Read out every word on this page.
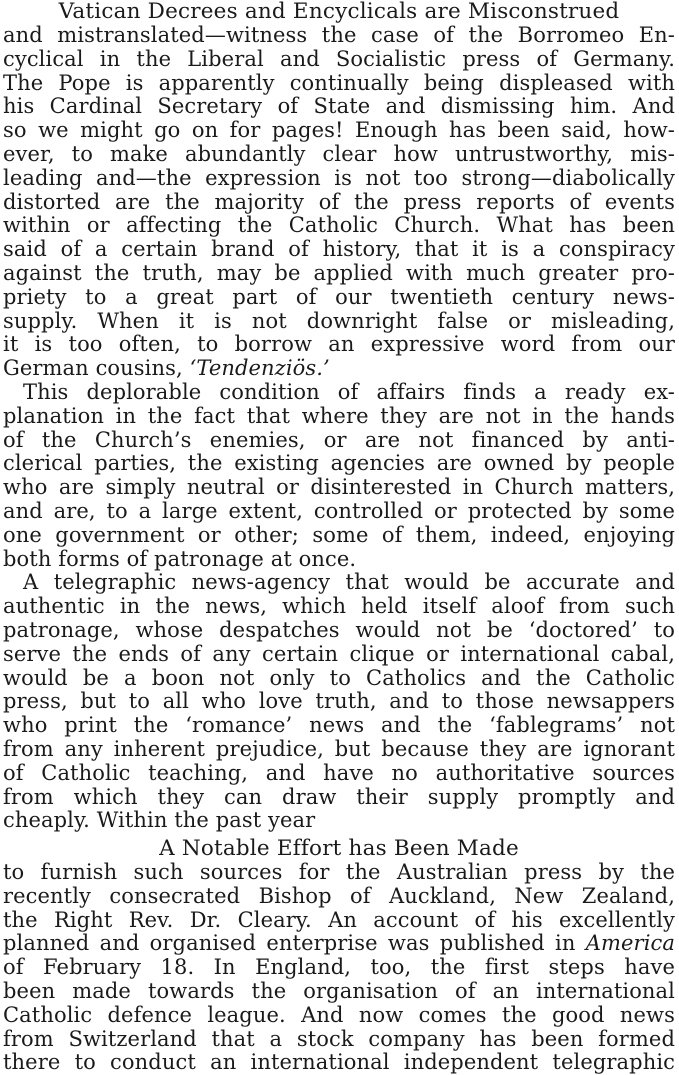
Vatican Decrees and Encyclicals are Misconstrued
and mistranslated—witness the case of the Borromeo En-
cyclical in the Liberal and Socialistic press of Germany.
The Pope is apparently continually being displeased with
his Cardinal Secretary of State and dismissing him. And
so we might go on for pages! Enough has been said, how-
ever, to make abundantly clear how untrustworthy, mis-
leading and—the expression is not too strong—diabolically
distorted are the majority of the press reports of events
within or affecting the Catholic Church. What has been
said of a certain brand of history, that it is a conspiracy
against the truth, may be applied with much greater pro-
priety to a great part of our twentieth century news-
supply. When it is not downright false or misleading,
it is too often, to borrow an expressive word from our
German cousins, ‘Tendenziös.’
This deplorable condition of affairs finds a ready ex-
planation in the fact that where they are not in the hands
of the Church’s enemies, or are not financed by anti-
clerical parties, the existing agencies are owned by people
who are simply neutral or disinterested in Church matters,
and are, to a large extent, controlled or protected by some
one government or other; some of them, indeed, enjoying
both forms of patronage at once.
A telegraphic news-agency that would be accurate and
authentic in the news, which held itself aloof from such
patronage, whose despatches would not be ‘doctored’ to
serve the ends of any certain clique or international cabal,
would be a boon not only to Catholics and the Catholic
press, but to all who love truth, and to those newsappers
who print the ‘romance’ news and the ‘fablegrams’ not
from any inherent prejudice, but because they are ignorant
of Catholic teaching, and have no authoritative sources
from which they can draw their supply promptly and
cheaply. Within the past year
A Notable Effort has Been Made
to furnish such sources for the Australian press by the
recently consecrated Bishop of Auckland, New Zealand,
the Right Rev. Dr. Cleary. An account of his excellently
planned and organised enterprise was published in America
of February 18. In England, too, the first steps have
been made towards the organisation of an international
Catholic defence league. And now comes the good news
from Switzerland that a stock company has been formed
there to conduct an international independent telegraphic
